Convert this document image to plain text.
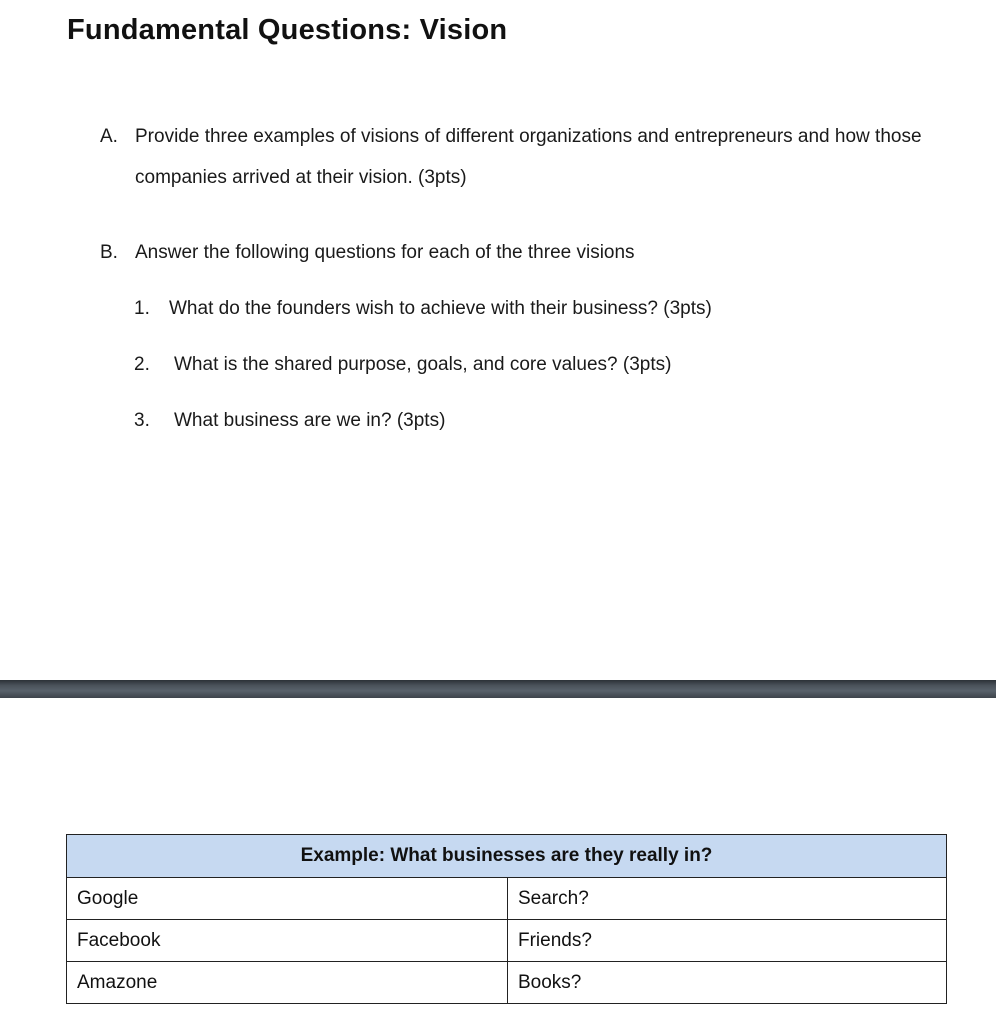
Fundamental Questions: Vision
A. Provide three examples of visions of different organizations and entrepreneurs and how those companies arrived at their vision. (3pts)
B. Answer the following questions for each of the three visions
1. What do the founders wish to achieve with their business? (3pts)
2. What is the shared purpose, goals, and core values? (3pts)
3. What business are we in? (3pts)
Example: What businesses are they really in?	
Google	Search?
Facebook	Friends?
Amazone	Books?
